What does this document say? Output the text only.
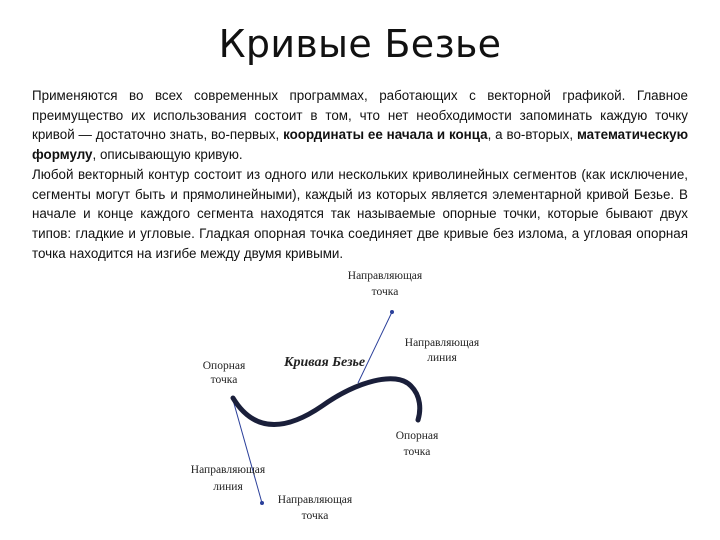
Кривые Безье

Применяются во всех современных программах, работающих с векторной графикой. Главное преимущество их использования состоит в том, что нет необходимости запоминать каждую точку кривой — достаточно знать, во-первых, координаты ее начала и конца, а во-вторых, математическую формулу, описывающую кривую.

Любой векторный контур состоит из одного или нескольких криволинейных сегментов (как исключение, сегменты могут быть и прямолинейными), каждый из которых является элементарной кривой Безье. В начале и конце каждого сегмента находятся так называемые опорные точки, которые бывают двух типов: гладкие и угловые. Гладкая опорная точка соединяет две кривые без излома, а угловая опорная точка находится на изгибе между двумя кривыми.

Кривая Безье
Опорная
точка
Направляющая
точка
Направляющая
линия
Опорная
точка
Направляющая
линия
Направляющая
точка
